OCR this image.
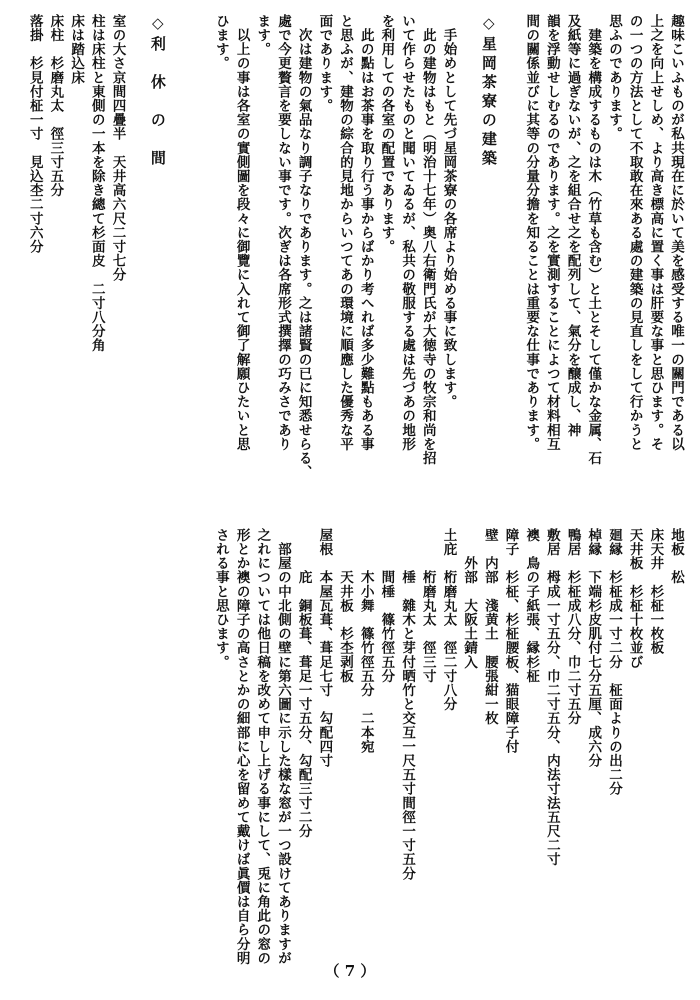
趣味こいふものが私共現在に於いて美を感受する唯一の關門である以
上之を向上せしめ、より高き標高に置く事は肝要な事と思ひます。そ
の一つの方法として不取敢在來ある處の建築の見直しをして行かうと
思ふのであります。
　建築を構成するものは木（竹草も含む）と土とそして僅かな金属、石
及紙等に過ぎないが、之を組合せ之を配列して、氣分を醸成し、神
韻を浮動せしむるのであります。之を實測することによつて材料相互
間の關係並びに其等の分量分擔を知ることは重要な仕事であります。
◇星岡茶寮の建築
　手始めとして先づ星岡茶寮の各席より始める事に致します。
　此の建物はもと（明治十七年）奥八右衛門氏が大徳寺の牧宗和尚を招
いて作らせたものと聞いてゐるが、私共の敬服する處は先づあの地形
を利用しての各室の配置であります。
　此の點はお茶事を取り行う事からばかり考へれば多少難點もある事
と思ふが、建物の綜合的見地からいつてあの環境に順應した優秀な平
面であります。
　次は建物の氣品なり調子なりであります。之は諸賢の已に知悉せらる、
處で今更贅言を要しない事です。次ぎは各席形式撰擇の巧みさであり
ます。
　以上の事は各室の實側圖を段々に御覽に入れて御了解願ひたいと思
ひます。
◇利　休　の　間
室の大さ京間四疊半　天井高六尺二寸七分
柱は床柱と東側の一本を除き總て杉面皮　二寸八分角
床は踏込床
床柱　杉磨丸太　徑三寸五分
落掛　杉見付柾一寸　見込杢二寸六分
地板　松
床天井　杉柾一枚板
天井板　杉柾十枚並び
廻縁　杉柾成一寸二分　柾面よりの出二分
棹縁　下端杉皮肌付七分五厘、成六分
鴨居　杉柾成八分、巾二寸五分
敷居　栂成一寸五分、巾二寸五分、内法寸法五尺二寸
襖　鳥の子紙張、縁杉柾
障子　杉柾、杉柾腰板、猫眼障子付
壁　内部　淺黄土　腰張紺一枚
　　外部　大阪土錆入
土庇　桁磨丸太　徑二寸八分
　　　桁磨丸太　徑三寸
　　　棰　雜木と芽付晒竹と交互一尺五寸間徑一寸五分
　　　間棰　篠竹徑五分
　　　木小舞　篠竹徑五分　二本宛
　　　天井板　杉杢剥板
屋根　本屋瓦葺、葺足七寸　勾配四寸
　　　庇　銅板葺、葺足一寸五分、勾配三寸二分
　部屋の中北側の壁に第六圖に示した樣な窓が一つ設けてありますが
之れについては他日稿を改めて申し上げる事にして、兎に角此の窓の
形とか襖の障子の高さとかの細部に心を留めて戴けば眞價は自ら分明
される事と思ひます。
（ 7 ）
